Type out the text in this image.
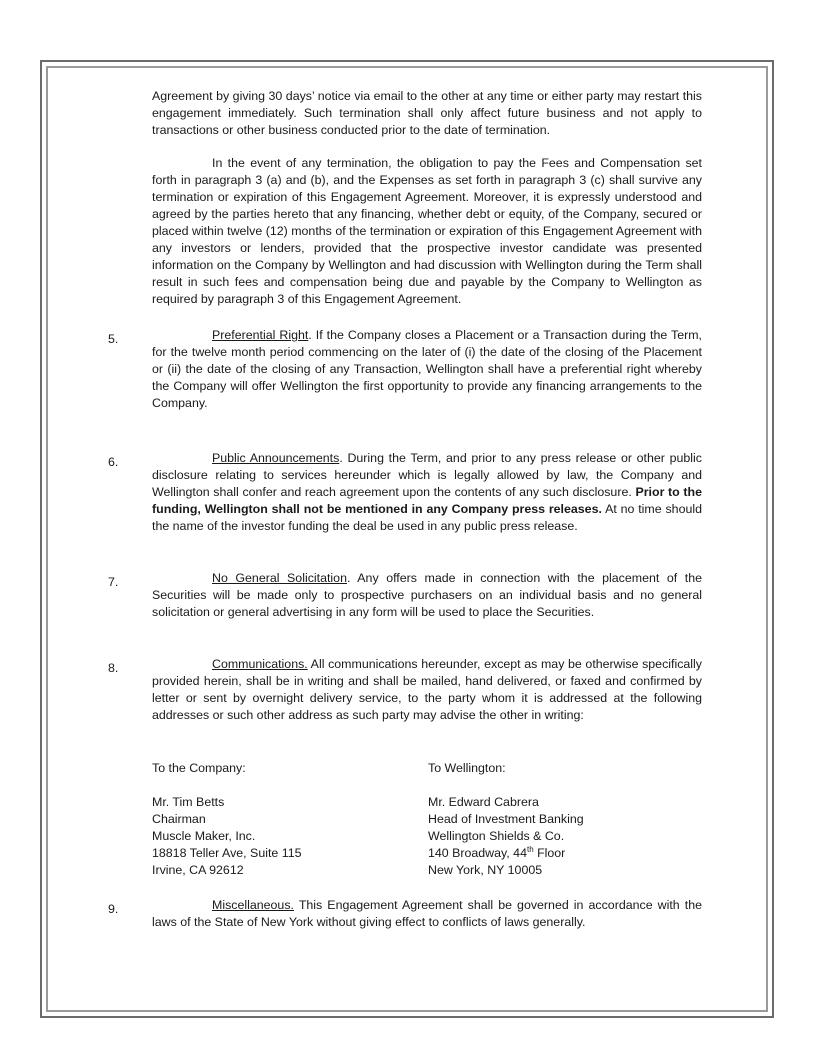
Agreement by giving 30 days’ notice via email to the other at any time or either party may restart this engagement immediately. Such termination shall only affect future business and not apply to transactions or other business conducted prior to the date of termination.

In the event of any termination, the obligation to pay the Fees and Compensation set forth in paragraph 3 (a) and (b), and the Expenses as set forth in paragraph 3 (c) shall survive any termination or expiration of this Engagement Agreement. Moreover, it is expressly understood and agreed by the parties hereto that any financing, whether debt or equity, of the Company, secured or placed within twelve (12) months of the termination or expiration of this Engagement Agreement with any investors or lenders, provided that the prospective investor candidate was presented information on the Company by Wellington and had discussion with Wellington during the Term shall result in such fees and compensation being due and payable by the Company to Wellington as required by paragraph 3 of this Engagement Agreement.

5.	Preferential Right. If the Company closes a Placement or a Transaction during the Term, for the twelve month period commencing on the later of (i) the date of the closing of the Placement or (ii) the date of the closing of any Transaction, Wellington shall have a preferential right whereby the Company will offer Wellington the first opportunity to provide any financing arrangements to the Company.

6.	Public Announcements. During the Term, and prior to any press release or other public disclosure relating to services hereunder which is legally allowed by law, the Company and Wellington shall confer and reach agreement upon the contents of any such disclosure. Prior to the funding, Wellington shall not be mentioned in any Company press releases. At no time should the name of the investor funding the deal be used in any public press release.

7.	No General Solicitation. Any offers made in connection with the placement of the Securities will be made only to prospective purchasers on an individual basis and no general solicitation or general advertising in any form will be used to place the Securities.

8.	Communications. All communications hereunder, except as may be otherwise specifically provided herein, shall be in writing and shall be mailed, hand delivered, or faxed and confirmed by letter or sent by overnight delivery service, to the party whom it is addressed at the following addresses or such other address as such party may advise the other in writing:

To the Company:
Mr. Tim Betts
Chairman
Muscle Maker, Inc.
18818 Teller Ave, Suite 115
Irvine, CA 92612
To Wellington:
Mr. Edward Cabrera
Head of Investment Banking
Wellington Shields & Co.
140 Broadway, 44th Floor
New York, NY 10005
9.	Miscellaneous. This Engagement Agreement shall be governed in accordance with the laws of the State of New York without giving effect to conflicts of laws generally.
